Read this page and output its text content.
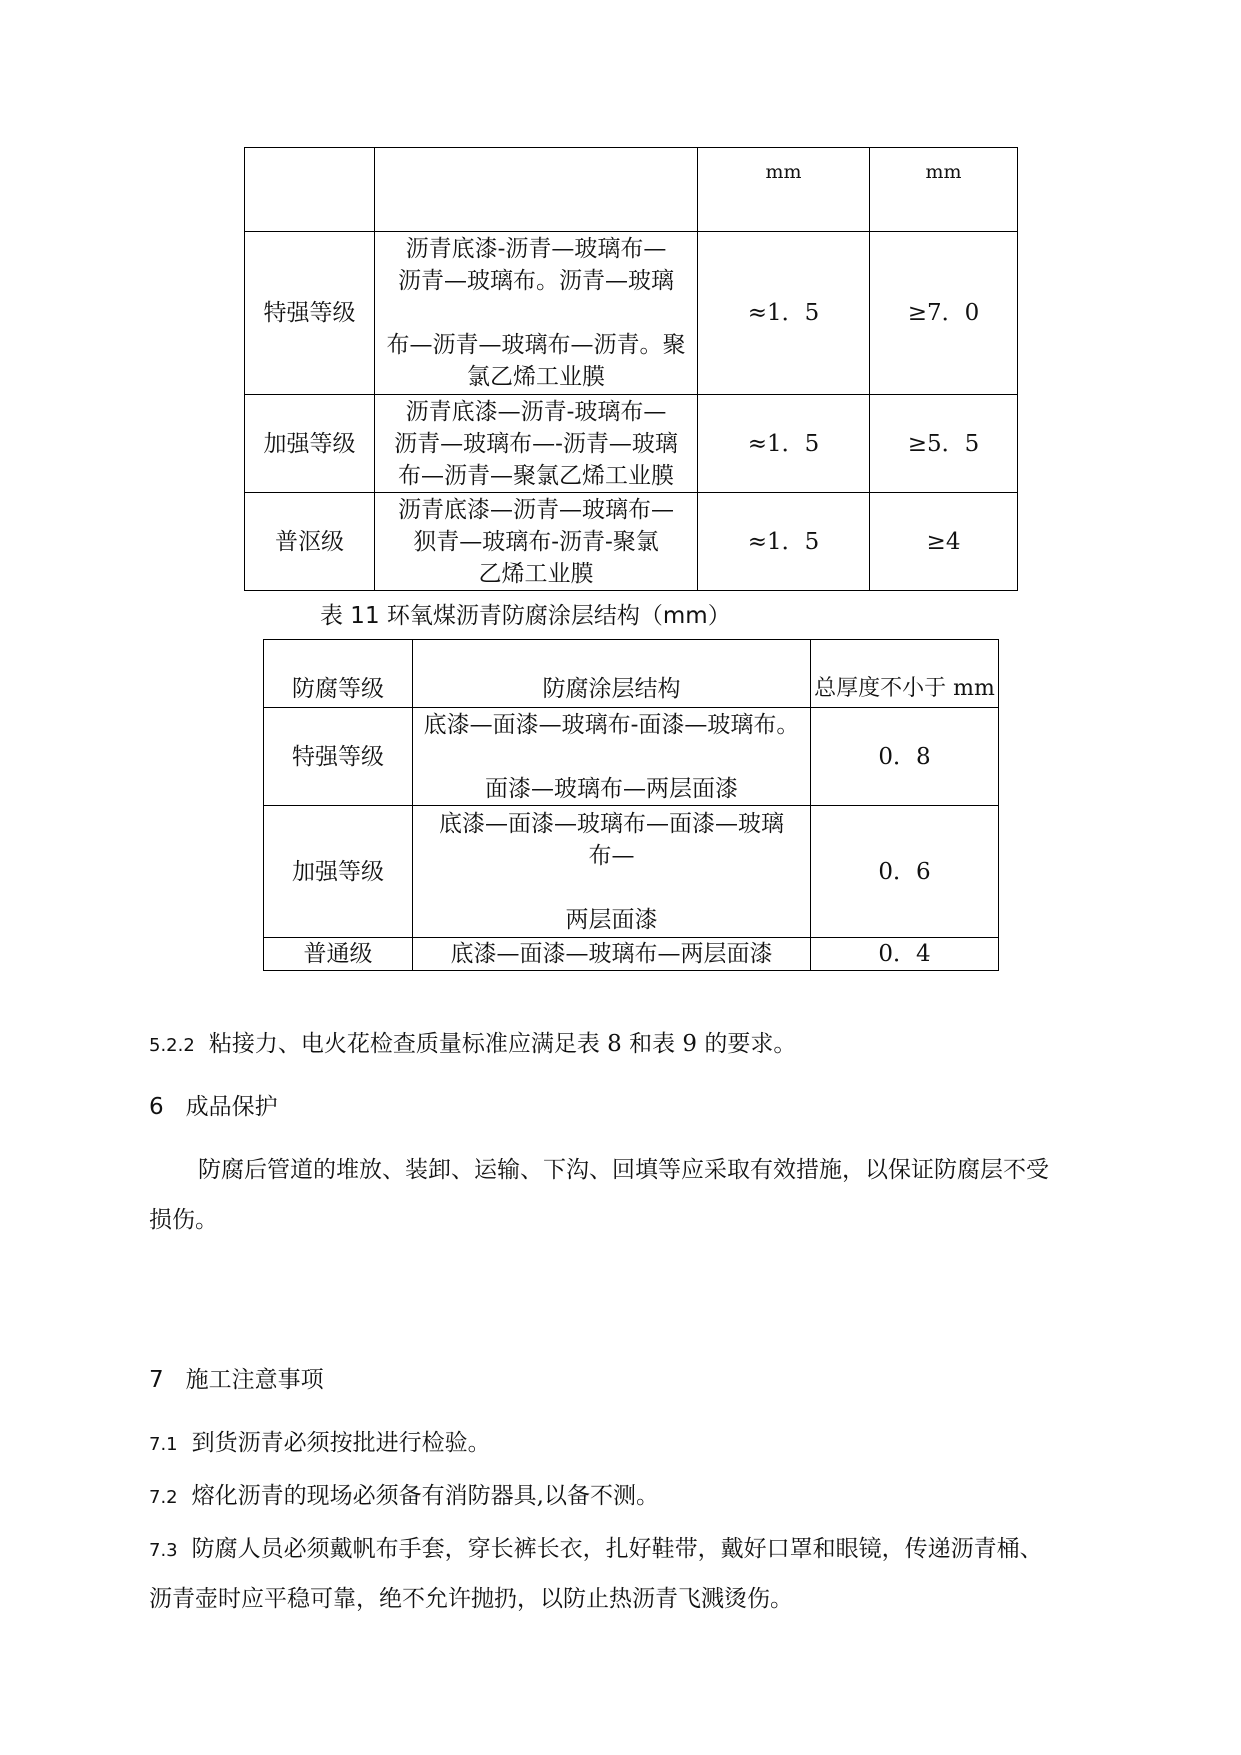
		mm	mm
特强等级	沥青底漆-沥青—玻璃布—
沥青—玻璃布。沥青—玻璃
布—沥青—玻璃布—沥青。聚
氯乙烯工业膜	≈1．5	≥7．0
加强等级	沥青底漆—沥青-玻璃布—
沥青—玻璃布—-沥青—玻璃
布—沥青—聚氯乙烯工业膜	≈1．5	≥5．5
普沤级	沥青底漆—沥青—玻璃布—
狈青—玻璃布-沥青-聚氯
乙烯工业膜	≈1．5	≥4
表 11 环氧煤沥青防腐涂层结构（mm）
防腐等级	防腐涂层结构	总厚度不小于 mm
特强等级	底漆—面漆—玻璃布-面漆—玻璃布。
面漆—玻璃布—两层面漆	0．8
加强等级	底漆—面漆—玻璃布—面漆—玻璃
布—
两层面漆	0．6
普通级	底漆—面漆—玻璃布—两层面漆	0．4
5.2.2 粘接力、电火花检查质量标准应满足表 8 和表 9 的要求。
6 成品保护
防腐后管道的堆放、装卸、运输、下沟、回填等应采取有效措施，以保证防腐层不受
损伤。
7 施工注意事项
7.1 到货沥青必须按批进行检验。
7.2 熔化沥青的现场必须备有消防器具,以备不测。
7.3 防腐人员必须戴帆布手套，穿长裤长衣，扎好鞋带，戴好口罩和眼镜，传递沥青桶、
沥青壶时应平稳可靠，绝不允许抛扔，以防止热沥青飞溅烫伤。
